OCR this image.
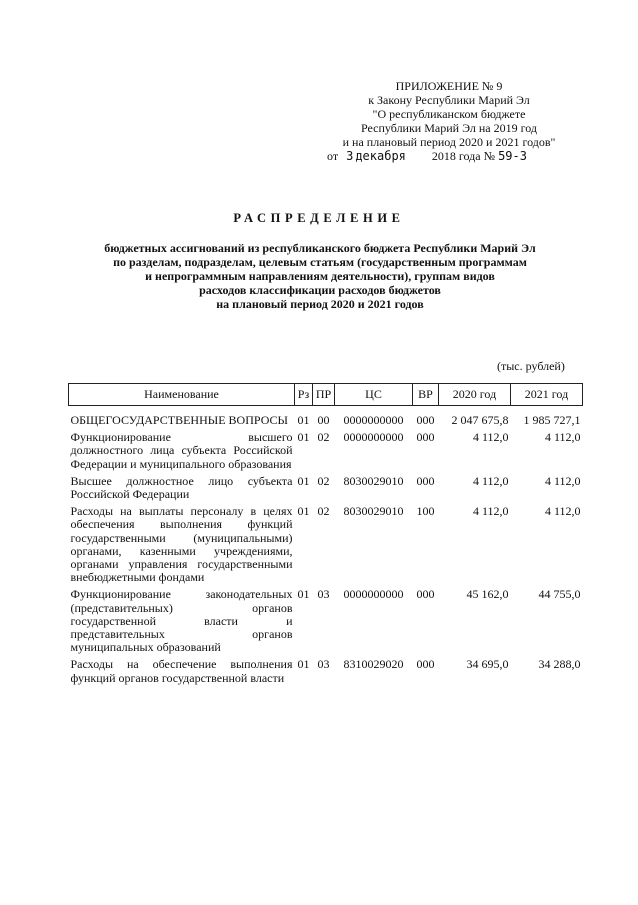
ПРИЛОЖЕНИЕ № 9
к Закону Республики Марий Эл
"О республиканском бюджете
Республики Марий Эл на 2019 год
и на плановый период 2020 и 2021 годов"
от 3 декабря 2018 года № 59-З
РАСПРЕДЕЛЕНИЕ
бюджетных ассигнований из республиканского бюджета Республики Марий Эл
по разделам, подразделам, целевым статьям (государственным программам
и непрограммным направлениям деятельности), группам видов
расходов классификации расходов бюджетов
на плановый период 2020 и 2021 годов
(тыс. рублей)
Наименование	Рз	ПР	ЦС	ВР	2020 год	2021 год
ОБЩЕГОСУДАРСТВЕННЫЕ ВОПРОСЫ	01	00	0000000000	000	2 047 675,8	1 985 727,1
Функционирование высшего должностного лица субъекта Российской Федерации и муниципального образования	01	02	0000000000	000	4 112,0	4 112,0
Высшее должностное лицо субъекта Российской Федерации	01	02	8030029010	000	4 112,0	4 112,0
Расходы на выплаты персоналу в целях обеспечения выполнения функций государственными (муниципальными) органами, казенными учреждениями, органами управления государственными внебюджетными фондами	01	02	8030029010	100	4 112,0	4 112,0
Функционирование законодательных (представительных) органов государственной власти и представительных органов муниципальных образований	01	03	0000000000	000	45 162,0	44 755,0
Расходы на обеспечение выполнения функций органов государственной власти	01	03	8310029020	000	34 695,0	34 288,0
